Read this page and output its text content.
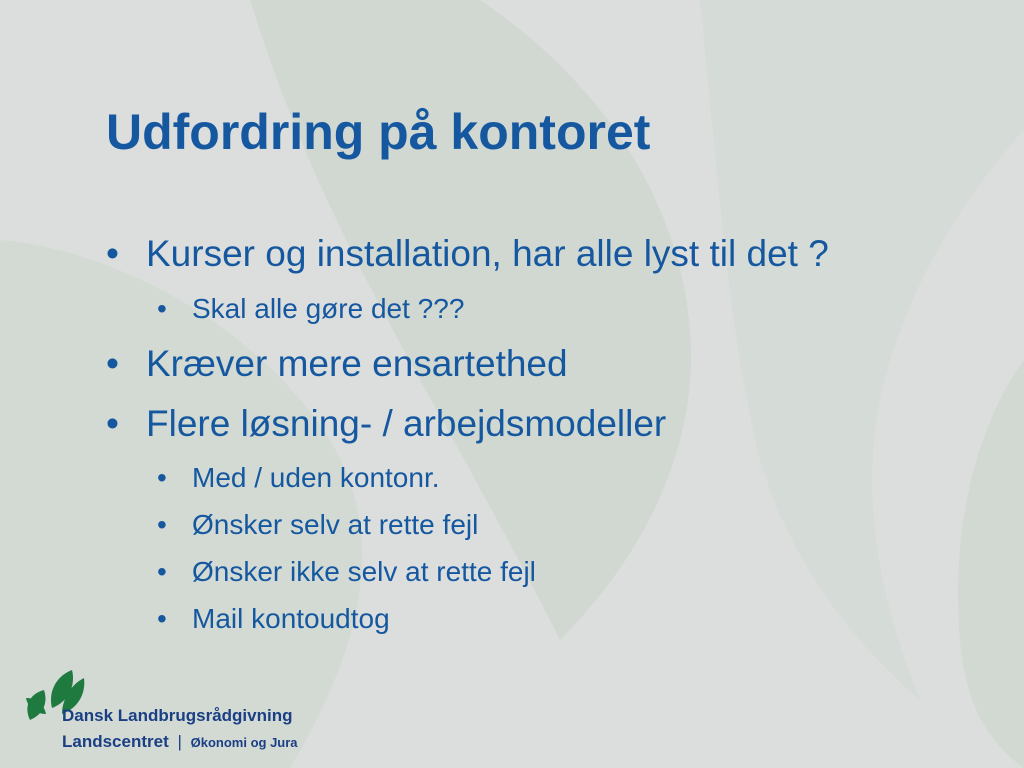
Udfordring på kontoret
• Kurser og installation, har alle lyst til det ?
• Skal alle gøre det ???
• Kræver mere ensartethed
• Flere løsning- / arbejdsmodeller
• Med / uden kontonr.
• Ønsker selv at rette fejl
• Ønsker ikke selv at rette fejl
• Mail kontoudtog
Dansk Landbrugsrådgivning
Landscentret | Økonomi og Jura
